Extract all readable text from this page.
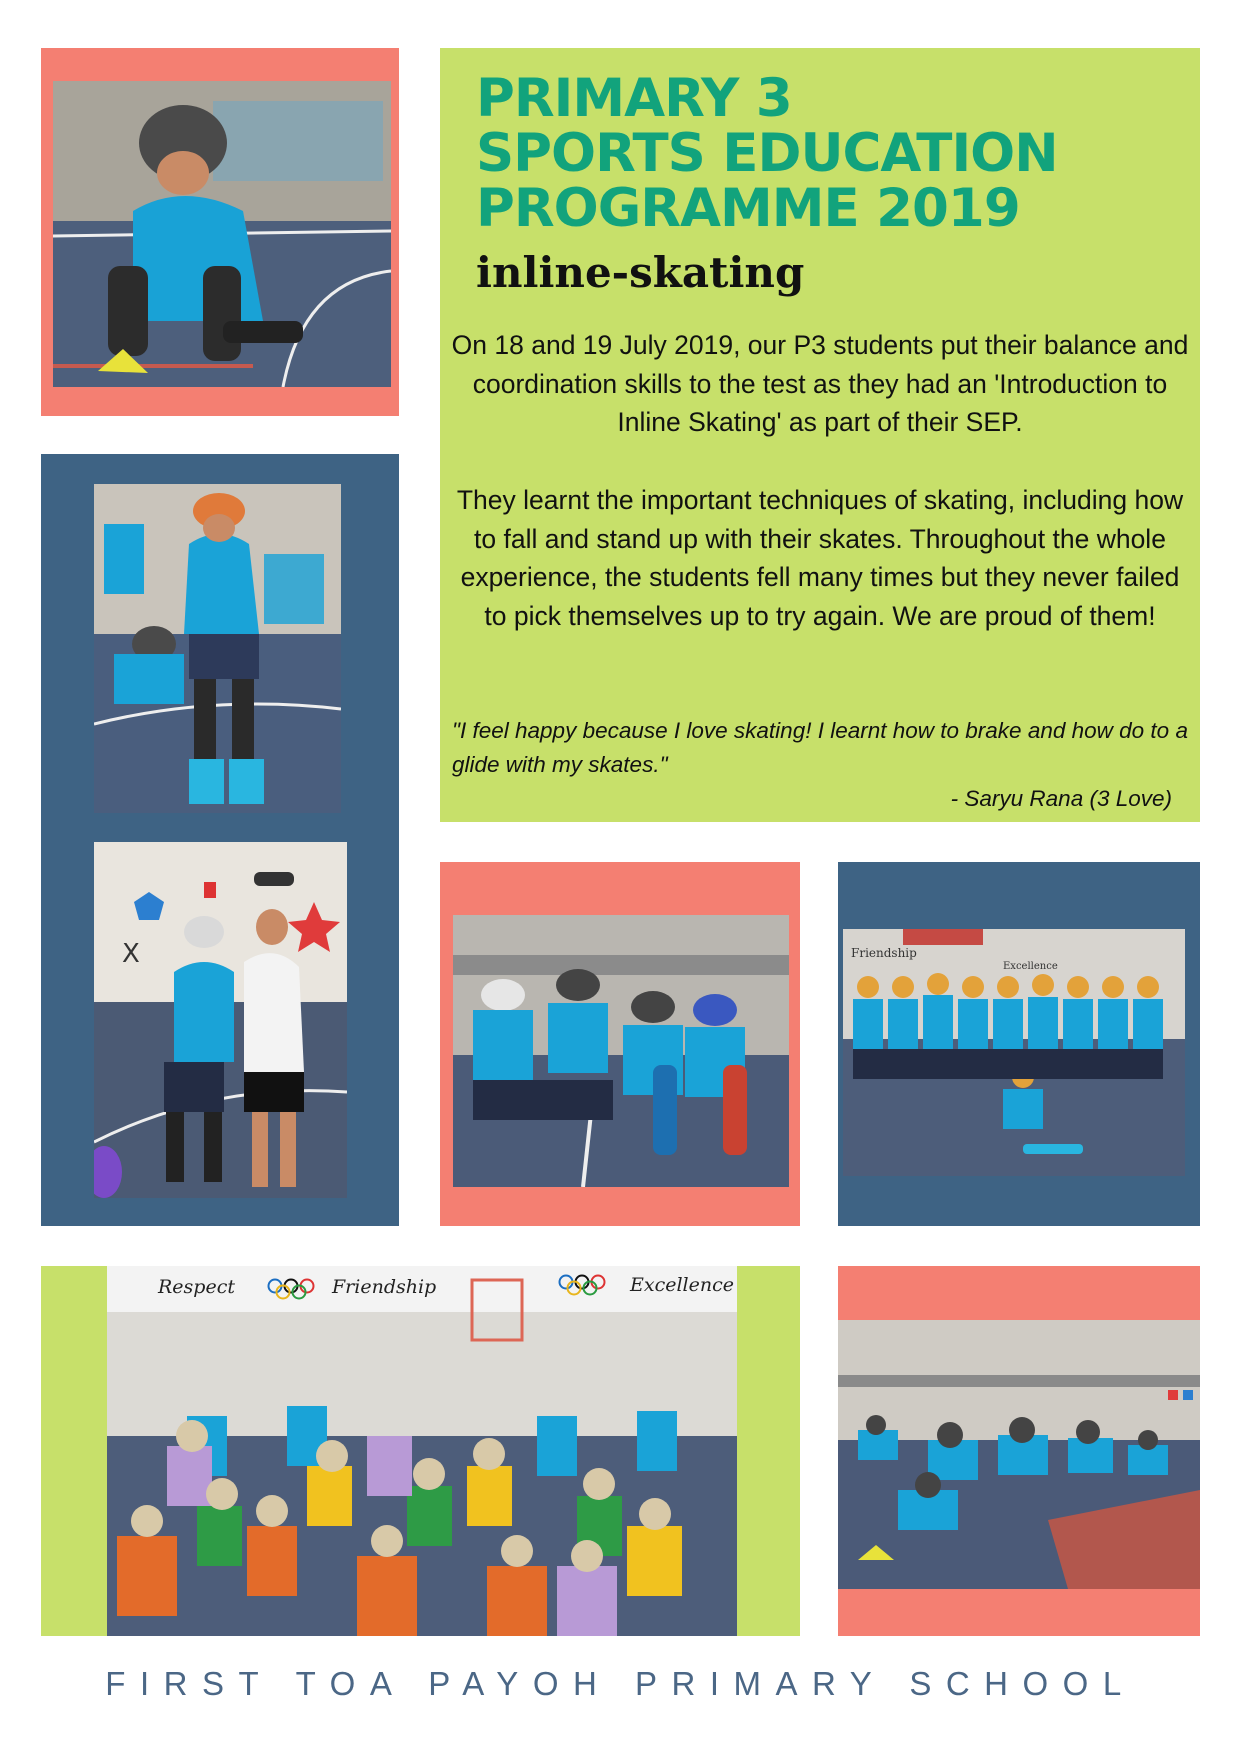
X
PRIMARY 3
SPORTS EDUCATION
PROGRAMME 2019
inline-skating

On 18 and 19 July 2019, our P3 students put their balance and coordination skills to the test as they had an 'Introduction to Inline Skating' as part of their SEP.

They learnt the important techniques of skating, including how to fall and stand up with their skates. Throughout the whole experience, the students fell many times but they never failed to pick themselves up to try again. We are proud of them!

"I feel happy because I love skating! I learnt how to brake and how do to a glide with my skates."

- Saryu Rana (3 Love)

Friendship
Excellence
Respect	Friendship	Excellence
FIRST TOA PAYOH PRIMARY SCHOOL
